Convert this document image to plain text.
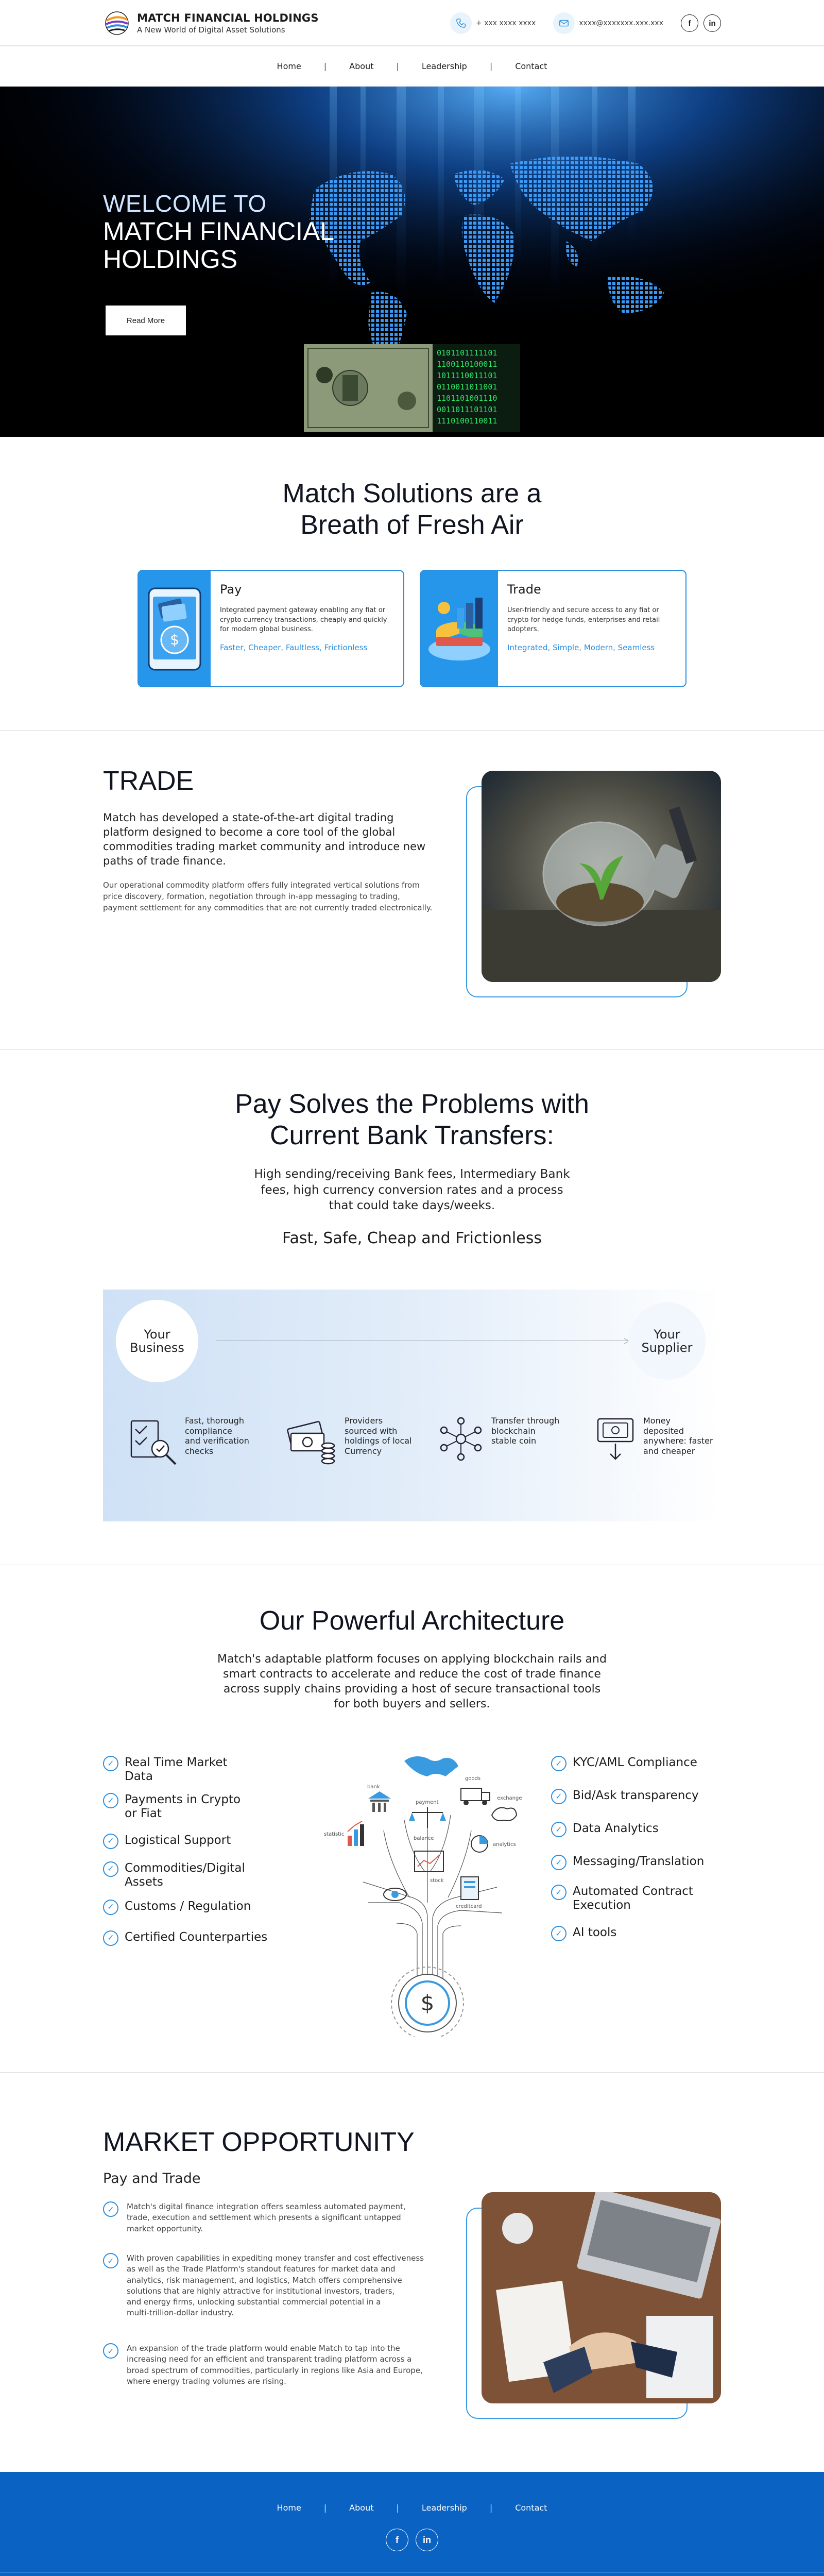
MATCH FINANCIAL HOLDINGS
A New World of Digital Asset Solutions
+ xxx xxxx xxxx	xxxx@xxxxxxx.xxx.xxx	f	in
Home	|	About	|	Leadership	|	Contact
WELCOME TO
MATCH FINANCIAL
HOLDINGS
Read More
0101101111101
1100110100011
1011110011101
0110011011001
1101101001110
0011011101101
1110100110011
Match Solutions are a
Breath of Fresh Air
$
Pay
Integrated payment gateway enabling any fiat or crypto currency transactions, cheaply and quickly for modern global business.
Faster, Cheaper, Faultless, Frictionless
Trade
User-friendly and secure access to any fiat or crypto for hedge funds, enterprises and retail adopters.
Integrated, Simple, Modern, Seamless
TRADE

Match has developed a state-of-the-art digital trading platform designed to become a core tool of the global commodities trading market community and introduce new paths of trade finance.

Our operational commodity platform offers fully integrated vertical solutions from price discovery, formation, negotiation through in-app messaging to trading, payment settlement for any commodities that are not currently traded electronically.

Pay Solves the Problems with
Current Bank Transfers:

High sending/receiving Bank fees, Intermediary Bank
fees, high currency conversion rates and a process
that could take days/weeks.

Fast, Safe, Cheap and Frictionless
Your
Business
Your
Supplier
Fast, thorough
compliance
and verification
checks
Providers
sourced with
holdings of local
Currency
Transfer through
blockchain
stable coin
Money
deposited
anywhere: faster
and cheaper
Our Powerful Architecture

Match's adaptable platform focuses on applying blockchain rails and
smart contracts to accelerate and reduce the cost of trade finance
across supply chains providing a host of secure transactional tools
for both buyers and sellers.

✓ Real Time Market
Data
✓ Payments in Crypto
or Fiat
✓ Logistical Support
✓ Commodities/Digital
Assets
✓ Customs / Regulation
✓ Certified Counterparties
bank
goods
payment
statistic
balance
stock
analytics
creditcard
exchange
$
✓ KYC/AML Compliance
✓ Bid/Ask transparency
✓ Data Analytics
✓ Messaging/Translation
✓ Automated Contract
Execution
✓ AI tools
MARKET OPPORTUNITY
Pay and Trade
✓	Match's digital finance integration offers seamless automated payment,
trade, execution and settlement which presents a significant untapped
market opportunity.
✓	With proven capabilities in expediting money transfer and cost effectiveness
as well as the Trade Platform's standout features for market data and
analytics, risk management, and logistics, Match offers comprehensive
solutions that are highly attractive for institutional investors, traders,
and energy firms, unlocking substantial commercial potential in a
multi-trillion-dollar industry.
✓	An expansion of the trade platform would enable Match to tap into the
increasing need for an efficient and transparent trading platform across a
broad spectrum of commodities, particularly in regions like Asia and Europe,
where energy trading volumes are rising.
Home	|	About	|	Leadership	|	Contact
f	in
